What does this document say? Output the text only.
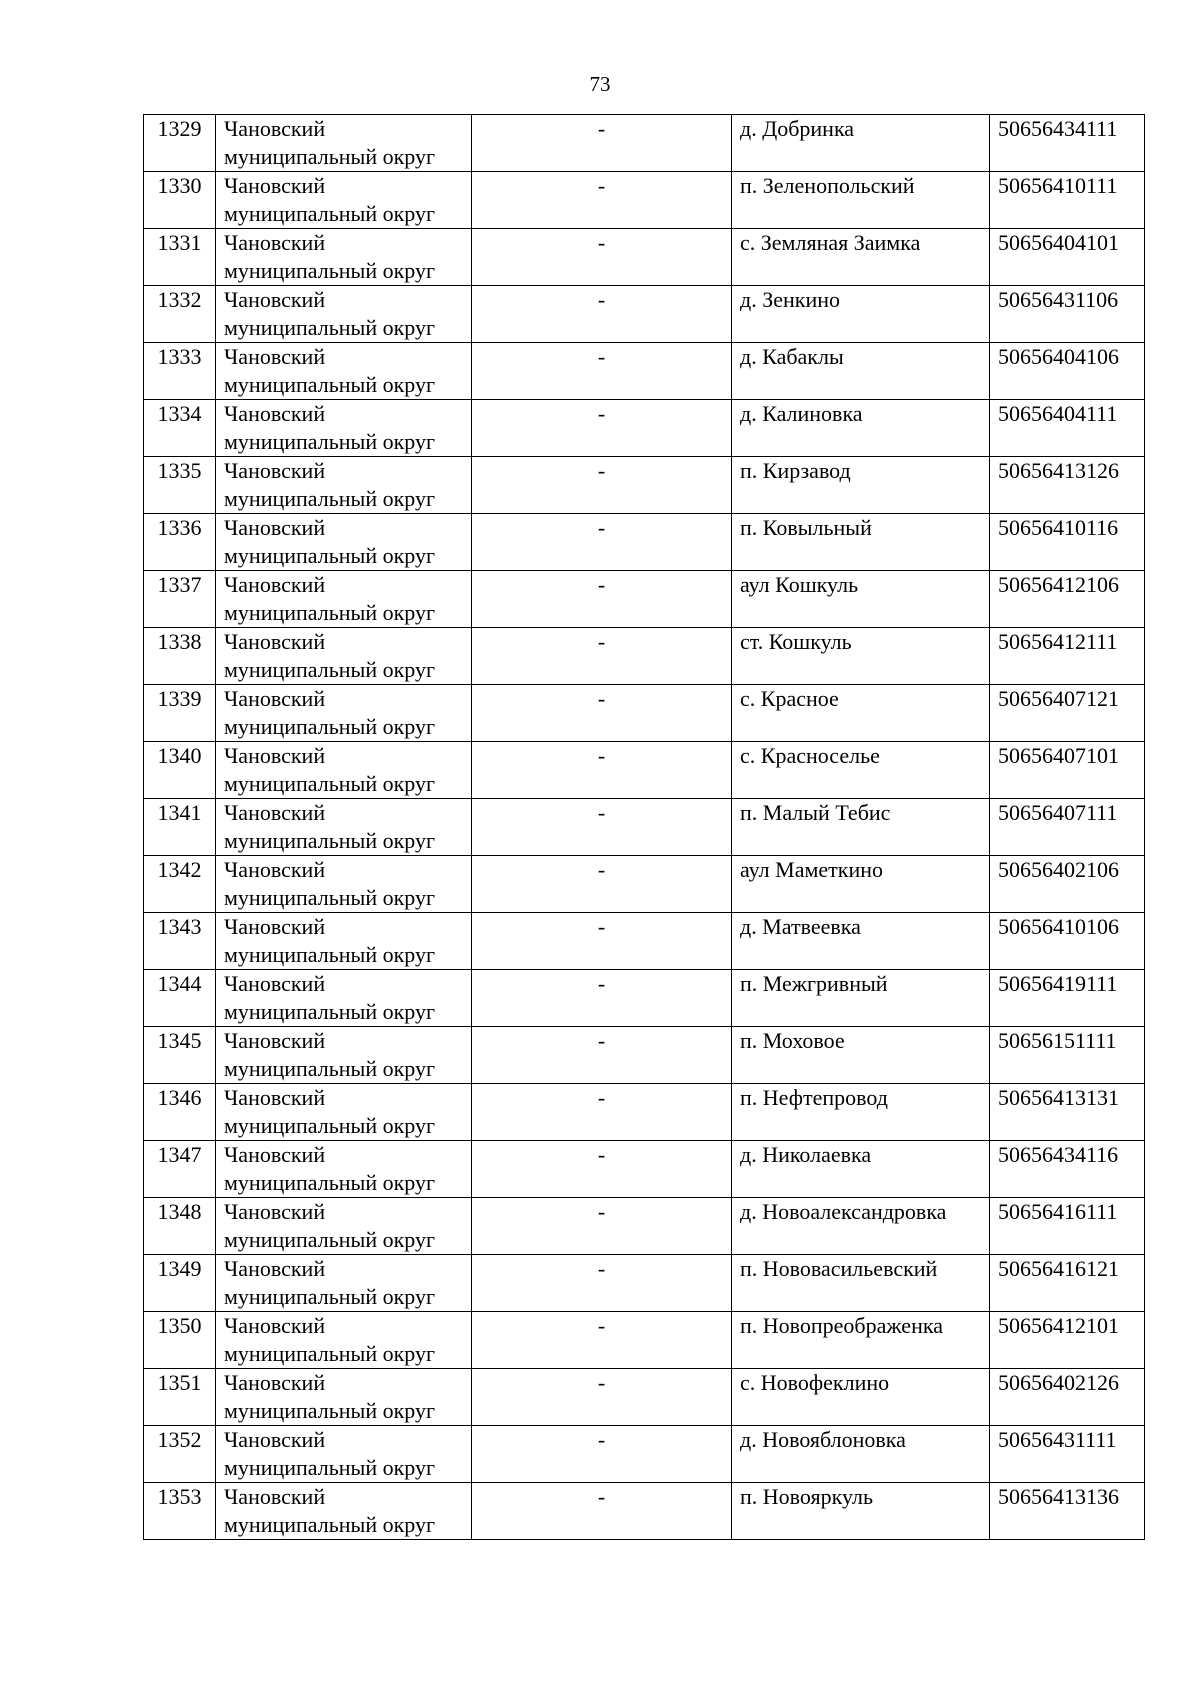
73
1329	Чановский
муниципальный округ	-	д. Добринка	50656434111
1330	Чановский
муниципальный округ	-	п. Зеленопольский	50656410111
1331	Чановский
муниципальный округ	-	с. Земляная Заимка	50656404101
1332	Чановский
муниципальный округ	-	д. Зенкино	50656431106
1333	Чановский
муниципальный округ	-	д. Кабаклы	50656404106
1334	Чановский
муниципальный округ	-	д. Калиновка	50656404111
1335	Чановский
муниципальный округ	-	п. Кирзавод	50656413126
1336	Чановский
муниципальный округ	-	п. Ковыльный	50656410116
1337	Чановский
муниципальный округ	-	аул Кошкуль	50656412106
1338	Чановский
муниципальный округ	-	ст. Кошкуль	50656412111
1339	Чановский
муниципальный округ	-	с. Красное	50656407121
1340	Чановский
муниципальный округ	-	с. Красноселье	50656407101
1341	Чановский
муниципальный округ	-	п. Малый Тебис	50656407111
1342	Чановский
муниципальный округ	-	аул Маметкино	50656402106
1343	Чановский
муниципальный округ	-	д. Матвеевка	50656410106
1344	Чановский
муниципальный округ	-	п. Межгривный	50656419111
1345	Чановский
муниципальный округ	-	п. Моховое	50656151111
1346	Чановский
муниципальный округ	-	п. Нефтепровод	50656413131
1347	Чановский
муниципальный округ	-	д. Николаевка	50656434116
1348	Чановский
муниципальный округ	-	д. Новоалександровка	50656416111
1349	Чановский
муниципальный округ	-	п. Нововасильевский	50656416121
1350	Чановский
муниципальный округ	-	п. Новопреображенка	50656412101
1351	Чановский
муниципальный округ	-	с. Новофеклино	50656402126
1352	Чановский
муниципальный округ	-	д. Новояблоновка	50656431111
1353	Чановский
муниципальный округ	-	п. Новояркуль	50656413136
